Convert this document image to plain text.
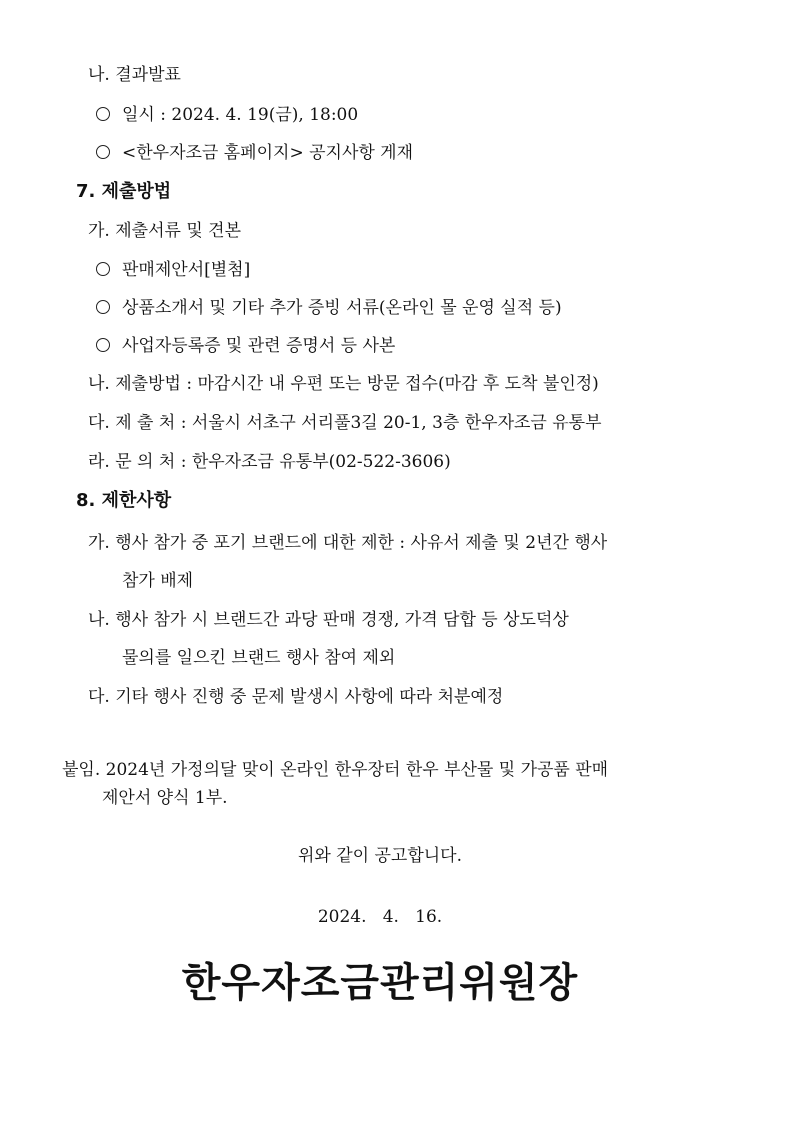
나. 결과발표
일시 : 2024. 4. 19(금), 18:00
<한우자조금 홈페이지> 공지사항 게재
7. 제출방법
가. 제출서류 및 견본
판매제안서[별첨]
상품소개서 및 기타 추가 증빙 서류(온라인 몰 운영 실적 등)
사업자등록증 및 관련 증명서 등 사본
나. 제출방법 : 마감시간 내 우편 또는 방문 접수(마감 후 도착 불인정)
다. 제 출 처 : 서울시 서초구 서리풀3길 20-1, 3층 한우자조금 유통부
라. 문 의 처 : 한우자조금 유통부(02-522-3606)
8. 제한사항
가. 행사 참가 중 포기 브랜드에 대한 제한 : 사유서 제출 및 2년간 행사
참가 배제
나. 행사 참가 시 브랜드간 과당 판매 경쟁, 가격 담합 등 상도덕상
물의를 일으킨 브랜드 행사 참여 제외
다. 기타 행사 진행 중 문제 발생시 사항에 따라 처분예정
붙임. 2024년 가정의달 맞이 온라인 한우장터 한우 부산물 및 가공품 판매
제안서 양식 1부.
위와 같이 공고합니다.
2024.   4.   16.
한우자조금관리위원장
